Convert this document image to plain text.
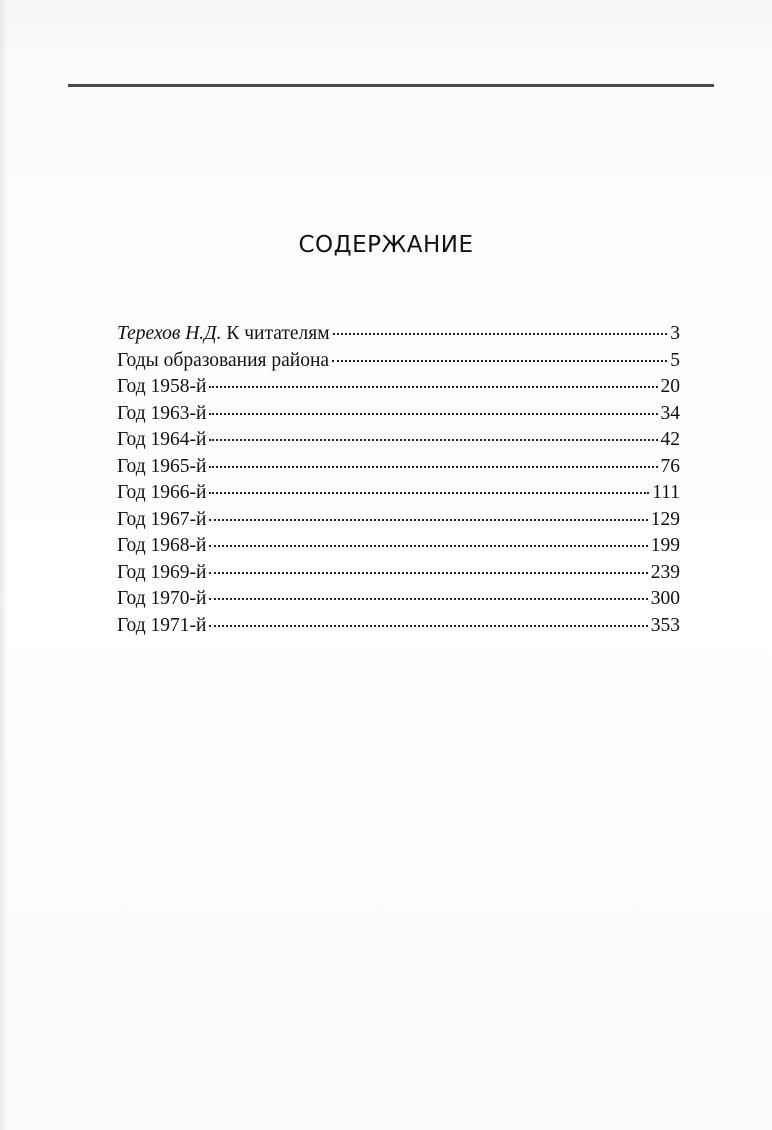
СОДЕРЖАНИЕ
Терехов Н.Д. К читателям	3
Годы образования района	5
Год 1958-й	20
Год 1963-й	34
Год 1964-й	42
Год 1965-й	76
Год 1966-й	111
Год 1967-й	129
Год 1968-й	199
Год 1969-й	239
Год 1970-й	300
Год 1971-й	353
